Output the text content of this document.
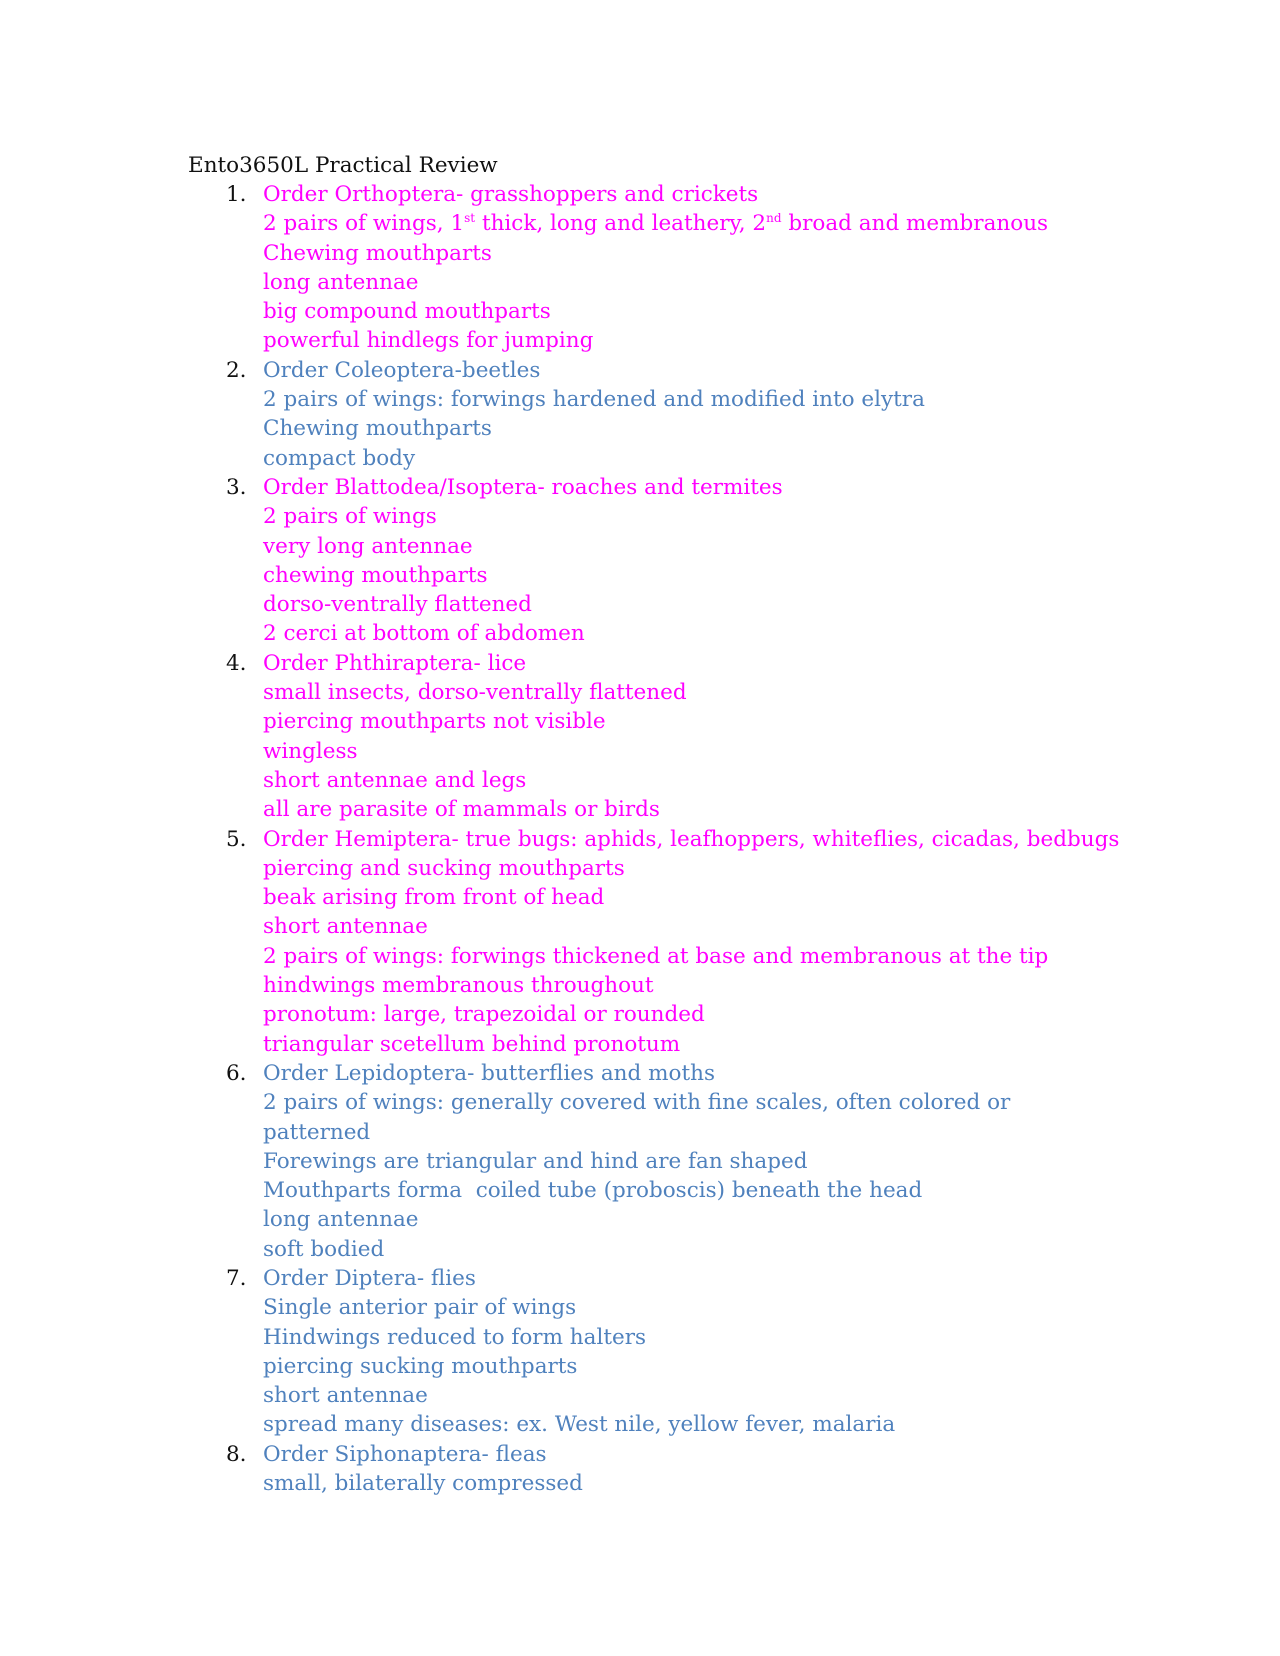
Ento3650L Practical Review
1. Order Orthoptera- grasshoppers and crickets
2 pairs of wings, 1st thick, long and leathery, 2nd broad and membranous
Chewing mouthparts
long antennae
big compound mouthparts
powerful hindlegs for jumping
2. Order Coleoptera-beetles
2 pairs of wings: forwings hardened and modified into elytra
Chewing mouthparts
compact body
3. Order Blattodea/Isoptera- roaches and termites
2 pairs of wings
very long antennae
chewing mouthparts
dorso-ventrally flattened
2 cerci at bottom of abdomen
4. Order Phthiraptera- lice
small insects, dorso-ventrally flattened
piercing mouthparts not visible
wingless
short antennae and legs
all are parasite of mammals or birds
5. Order Hemiptera- true bugs: aphids, leafhoppers, whiteflies, cicadas, bedbugs
piercing and sucking mouthparts
beak arising from front of head
short antennae
2 pairs of wings: forwings thickened at base and membranous at the tip
hindwings membranous throughout
pronotum: large, trapezoidal or rounded
triangular scetellum behind pronotum
6. Order Lepidoptera- butterflies and moths
2 pairs of wings: generally covered with fine scales, often colored or
patterned
Forewings are triangular and hind are fan shaped
Mouthparts forma  coiled tube (proboscis) beneath the head
long antennae
soft bodied
7. Order Diptera- flies
Single anterior pair of wings
Hindwings reduced to form halters
piercing sucking mouthparts
short antennae
spread many diseases: ex. West nile, yellow fever, malaria
8. Order Siphonaptera- fleas
small, bilaterally compressed
